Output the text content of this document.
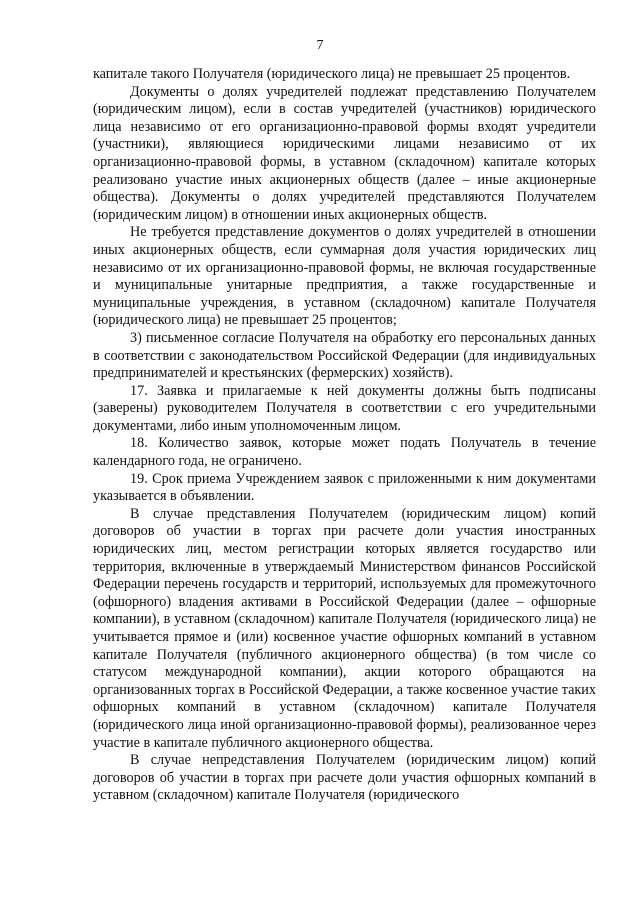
7

капитале такого Получателя (юридического лица) не превышает 25 процентов.

Документы о долях учредителей подлежат представлению Получателем (юридическим лицом), если в состав учредителей (участников) юридического лица независимо от его организационно-правовой формы входят учредители (участники), являющиеся юридическими лицами независимо от их организационно-правовой формы, в уставном (складочном) капитале которых реализовано участие иных акционерных обществ (далее – иные акционерные общества). Документы о долях учредителей представляются Получателем (юридическим лицом) в отношении иных акционерных обществ.

Не требуется представление документов о долях учредителей в отношении иных акционерных обществ, если суммарная доля участия юридических лиц независимо от их организационно-правовой формы, не включая государственные и муниципальные унитарные предприятия, а также государственные и муниципальные учреждения, в уставном (складочном) капитале Получателя (юридического лица) не превышает 25 процентов;

3) письменное согласие Получателя на обработку его персональных данных в соответствии с законодательством Российской Федерации (для индивидуальных предпринимателей и крестьянских (фермерских) хозяйств).

17. Заявка и прилагаемые к ней документы должны быть подписаны (заверены) руководителем Получателя в соответствии с его учредительными документами, либо иным уполномоченным лицом.

18. Количество заявок, которые может подать Получатель в течение календарного года, не ограничено.

19. Срок приема Учреждением заявок с приложенными к ним документами указывается в объявлении.

В случае представления Получателем (юридическим лицом) копий договоров об участии в торгах при расчете доли участия иностранных юридических лиц, местом регистрации которых является государство или территория, включенные в утверждаемый Министерством финансов Российской Федерации перечень государств и территорий, используемых для промежуточного (офшорного) владения активами в Российской Федерации (далее – офшорные компании), в уставном (складочном) капитале Получателя (юридического лица) не учитывается прямое и (или) косвенное участие офшорных компаний в уставном капитале Получателя (публичного акционерного общества) (в том числе со статусом международной компании), акции которого обращаются на организованных торгах в Российской Федерации, а также косвенное участие таких офшорных компаний в уставном (складочном) капитале Получателя (юридического лица иной организационно-правовой формы), реализованное через участие в капитале публичного акционерного общества.

В случае непредставления Получателем (юридическим лицом) копий договоров об участии в торгах при расчете доли участия офшорных компаний в уставном (складочном) капитале Получателя (юридического
